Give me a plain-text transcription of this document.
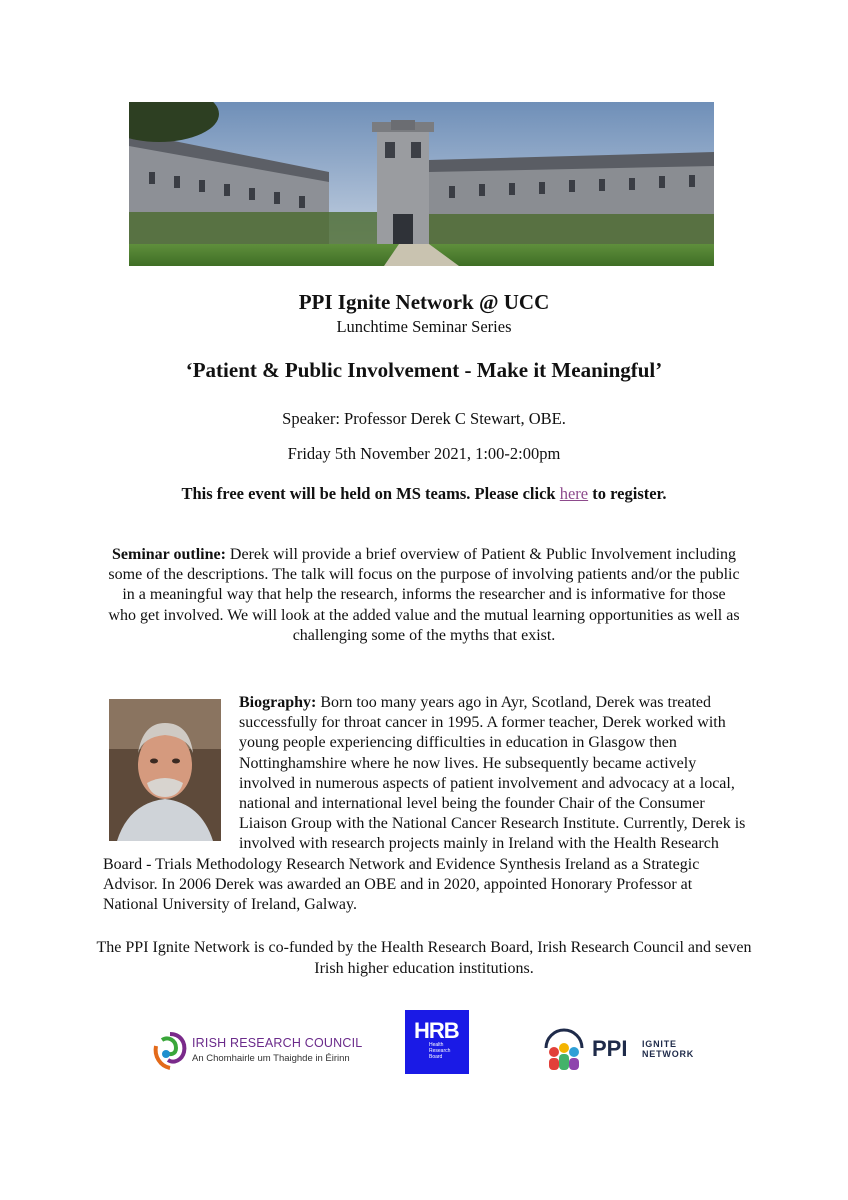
PPI Ignite Network @ UCC
Lunchtime Seminar Series
‘Patient & Public Involvement - Make it Meaningful’
Speaker: Professor Derek C Stewart, OBE.
Friday 5th November 2021, 1:00-2:00pm
This free event will be held on MS teams. Please click here to register.
Seminar outline: Derek will provide a brief overview of Patient & Public Involvement including some of the descriptions. The talk will focus on the purpose of involving patients and/or the public in a meaningful way that help the research, informs the researcher and is informative for those who get involved. We will look at the added value and the mutual learning opportunities as well as challenging some of the myths that exist.
Biography: Born too many years ago in Ayr, Scotland, Derek was treated successfully for throat cancer in 1995. A former teacher, Derek worked with young people experiencing difficulties in education in Glasgow then Nottinghamshire where he now lives. He subsequently became actively involved in numerous aspects of patient involvement and advocacy at a local, national and international level being the founder Chair of the Consumer Liaison Group with the National Cancer Research Institute. Currently, Derek is involved with research projects mainly in Ireland with the Health Research Board - Trials Methodology Research Network and Evidence Synthesis Ireland as a Strategic Advisor. In 2006 Derek was awarded an OBE and in 2020, appointed Honorary Professor at National University of Ireland, Galway.
The PPI Ignite Network is co-funded by the Health Research Board, Irish Research Council and seven Irish higher education institutions.
IRISH RESEARCH COUNCIL
An Chomhairle um Thaighde in Éirinn
HRB
Health Research Board	PPI IGNITE
NETWORK
